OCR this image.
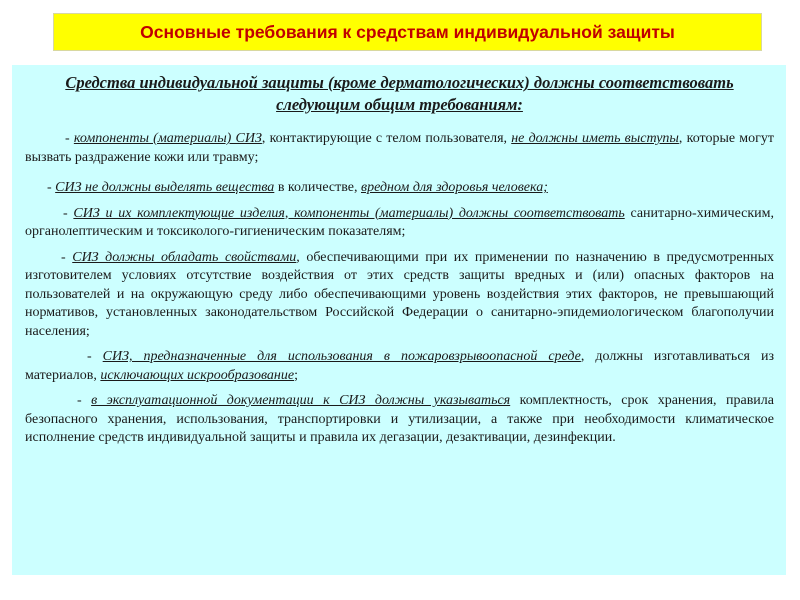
Основные требования к средствам индивидуальной защиты
Средства индивидуальной защиты (кроме дерматологических) должны соответствовать следующим общим требованиям:

- компоненты (материалы) СИЗ, контактирующие с телом пользователя, не должны иметь выступы, которые могут вызвать раздражение кожи или травму;

- СИЗ не должны выделять вещества в количестве, вредном для здоровья человека;

- СИЗ и их комплектующие изделия, компоненты (материалы) должны соответствовать санитарно-химическим, органолептическим и токсиколого-гигиеническим показателям;

- СИЗ должны обладать свойствами, обеспечивающими при их применении по назначению в предусмотренных изготовителем условиях отсутствие воздействия от этих средств защиты вредных и (или) опасных факторов на пользователей и на окружающую среду либо обеспечивающими уровень воздействия этих факторов, не превышающий нормативов, установленных законодательством Российской Федерации о санитарно-эпидемиологическом благополучии населения;

- СИЗ, предназначенные для использования в пожаровзрывоопасной среде, должны изготавливаться из материалов, исключающих искрообразование;

- в эксплуатационной документации к СИЗ должны указываться комплектность, срок хранения, правила безопасного хранения, использования, транспортировки и утилизации, а также при необходимости климатическое исполнение средств индивидуальной защиты и правила их дегазации, дезактивации, дезинфекции.
